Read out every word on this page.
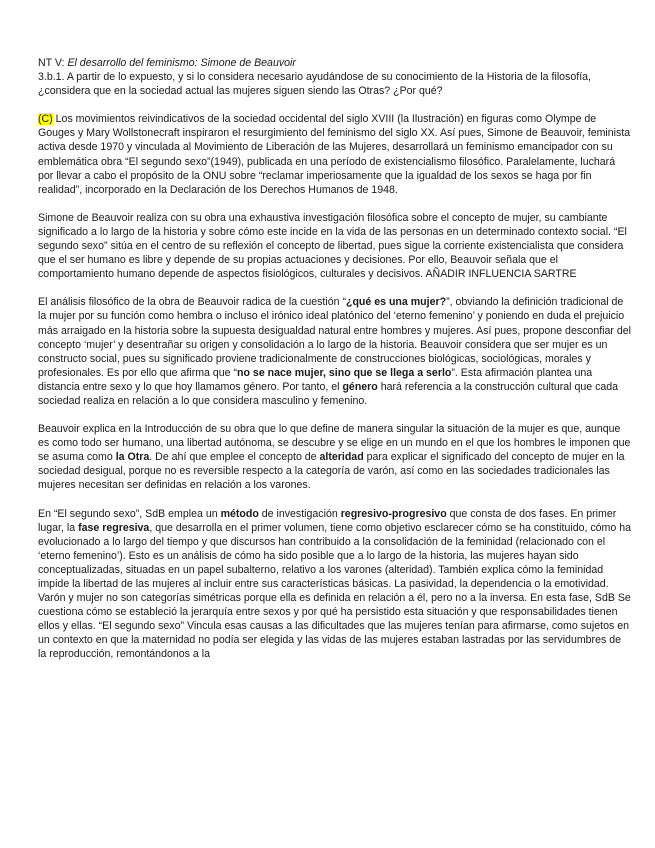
NT V: El desarrollo del feminismo: Simone de Beauvoir
3.b.1. A partir de lo expuesto, y si lo considera necesario ayudándose de su conocimiento de la Historia de la filosofía, ¿considera que en la sociedad actual las mujeres siguen siendo las Otras? ¿Por qué?
(C) Los movimientos reivindicativos de la sociedad occidental del siglo XVIII (la Ilustración) en figuras como Olympe de Gouges y Mary Wollstonecraft inspiraron el resurgimiento del feminismo del siglo XX. Así pues, Simone de Beauvoir, feminista activa desde 1970 y vinculada al Movimiento de Liberación de las Mujeres, desarrollará un feminismo emancipador con su emblemática obra “El segundo sexo”(1949), publicada en una período de existencialismo filosófico. Paralelamente, luchará por llevar a cabo el propósito de la ONU sobre “reclamar imperiosamente que la igualdad de los sexos se haga por fin realidad”, incorporado en la Declaración de los Derechos Humanos de 1948.
Simone de Beauvoir realiza con su obra una exhaustiva investigación filosófica sobre el concepto de mujer, su cambiante significado a lo largo de la historia y sobre cómo este incide en la vida de las personas en un determinado contexto social. “El segundo sexo” sitúa en el centro de su reflexión el concepto de libertad, pues sigue la corriente existencialista que considera que el ser humano es libre y depende de su propias actuaciones y decisiones. Por ello, Beauvoir señala que el comportamiento humano depende de aspectos fisiológicos, culturales y decisivos. AÑADIR INFLUENCIA SARTRE
El análisis filosófico de la obra de Beauvoir radica de la cuestión “¿qué es una mujer?”, obviando la definición tradicional de la mujer por su función como hembra o incluso el irónico ideal platónico del ‘eterno femenino’ y poniendo en duda el prejuicio más arraigado en la historia sobre la supuesta desigualdad natural entre hombres y mujeres. Así pues, propone desconfiar del concepto ‘mujer’ y desentrañar su origen y consolidación a lo largo de la historia. Beauvoir considera que ser mujer es un constructo social, pues su significado proviene tradicionalmente de construcciones biológicas, sociológicas, morales y profesionales. Es por ello que afirma que “no se nace mujer, sino que se llega a serlo”. Esta afirmación plantea una distancia entre sexo y lo que hoy llamamos género. Por tanto, el género hará referencia a la construcción cultural que cada sociedad realiza en relación a lo que considera masculino y femenino.
Beauvoir explica en la Introducción de su obra que lo que define de manera singular la situación de la mujer es que, aunque es como todo ser humano, una libertad autónoma, se descubre y se elige en un mundo en el que los hombres le imponen que se asuma como la Otra. De ahí que emplee el concepto de alteridad para explicar el significado del concepto de mujer en la sociedad desigual, porque no es reversible respecto a la categoría de varón, así como en las sociedades tradicionales las mujeres necesitan ser definidas en relación a los varones.
En “El segundo sexo”, SdB emplea un método de investigación regresivo-progresivo que consta de dos fases. En primer lugar, la fase regresiva, que desarrolla en el primer volumen, tiene como objetivo esclarecer cómo se ha constituido, cómo ha evolucionado a lo largo del tiempo y que discursos han contribuido a la consolidación de la feminidad (relacionado con el ‘eterno femenino’). Esto es un análisis de cómo ha sido posible que a lo largo de la historia, las mujeres hayan sido conceptualizadas, situadas en un papel subalterno, relativo a los varones (alteridad). También explica cómo la feminidad impide la libertad de las mujeres al incluir entre sus características básicas. La pasividad, la dependencia o la emotividad. Varón y mujer no son categorías simétricas porque ella es definida en relación a él, pero no a la inversa. En esta fase, SdB Se cuestiona cómo se estableció la jerarquía entre sexos y por qué ha persistido esta situación y que responsabilidades tienen ellos y ellas. “El segundo sexo” Vincula esas causas a las dificultades que las mujeres tenían para afirmarse, como sujetos en un contexto en que la maternidad no podía ser elegida y las vidas de las mujeres estaban lastradas por las servidumbres de la reproducción, remontándonos a la
